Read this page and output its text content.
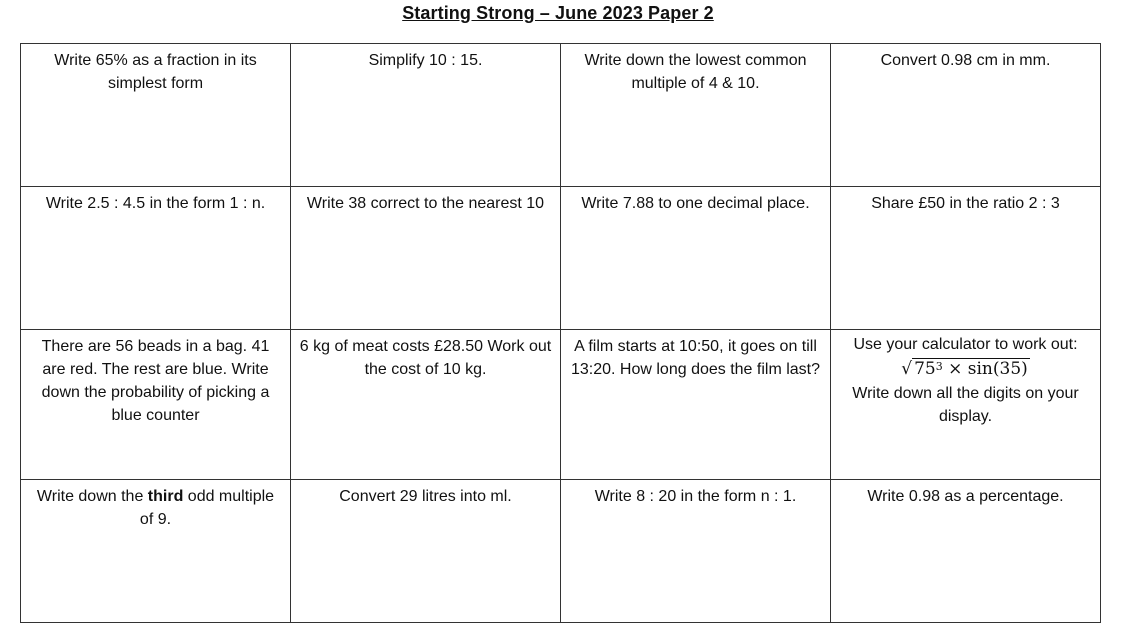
Starting Strong – June 2023 Paper 2
Write 65% as a fraction in its simplest form	Simplify 10 : 15.	Write down the lowest common multiple of 4 & 10.	Convert 0.98 cm in mm.
Write 2.5 : 4.5 in the form 1 : n.	Write 38 correct to the nearest 10	Write 7.88 to one decimal place.	Share £50 in the ratio 2 : 3
There are 56 beads in a bag. 41 are red. The rest are blue. Write down the probability of picking a blue counter	6 kg of meat costs £28.50 Work out the cost of 10 kg.	A film starts at 10:50, it goes on till 13:20. How long does the film last?	Use your calculator to work out:
√ $75^3 \times \sin(35)$
Write down all the digits on your display.

Write down the third odd multiple of 9.	Convert 29 litres into ml.	Write 8 : 20 in the form n : 1.	Write 0.98 as a percentage.
